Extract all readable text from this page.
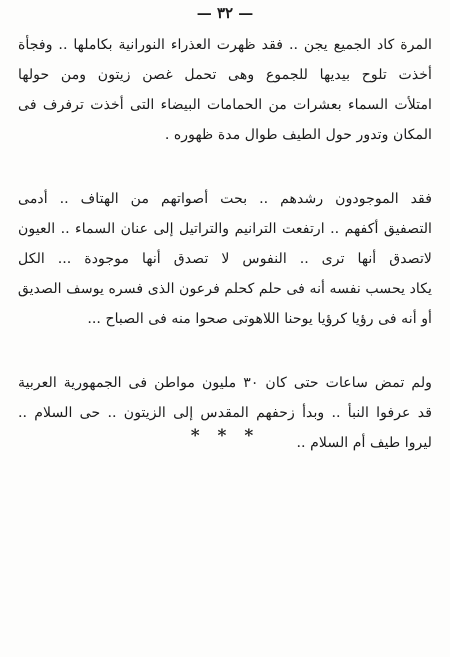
— ٣٢ —

المرة كاد الجميع يجن .. فقد ظهرت العذراء النورانية بكاملها .. وفجأة
أخذت تلوح بيديها للجموع وهى تحمل غصن زيتون ومن حولها
امتلأت السماء بعشرات من الحمامات البيضاء التى أخذت ترفرف فى
المكان وتدور حول الطيف طوال مدة ظهوره .

فقد الموجودون رشدهم .. بحت أصواتهم من الهتاف .. أدمى
التصفيق أكفهم .. ارتفعت الترانيم والتراتيل إلى عنان السماء .. العيون
لاتصدق أنها ترى .. النفوس لا تصدق أنها موجودة ... الكل
يكاد يحسب نفسه أنه فى حلم كحلم فرعون الذى فسره يوسف الصديق
أو أنه فى رؤيا كرؤيا يوحنا اللاهوتى صحوا منه فى الصباح ...

ولم تمض ساعات حتى كان ٣٠ مليون مواطن فى الجمهورية العربية
قد عرفوا النبأ .. وبدأ زحفهم المقدس إلى الزيتون .. حى السلام ..
ليروا طيف أم السلام ..

* * *
